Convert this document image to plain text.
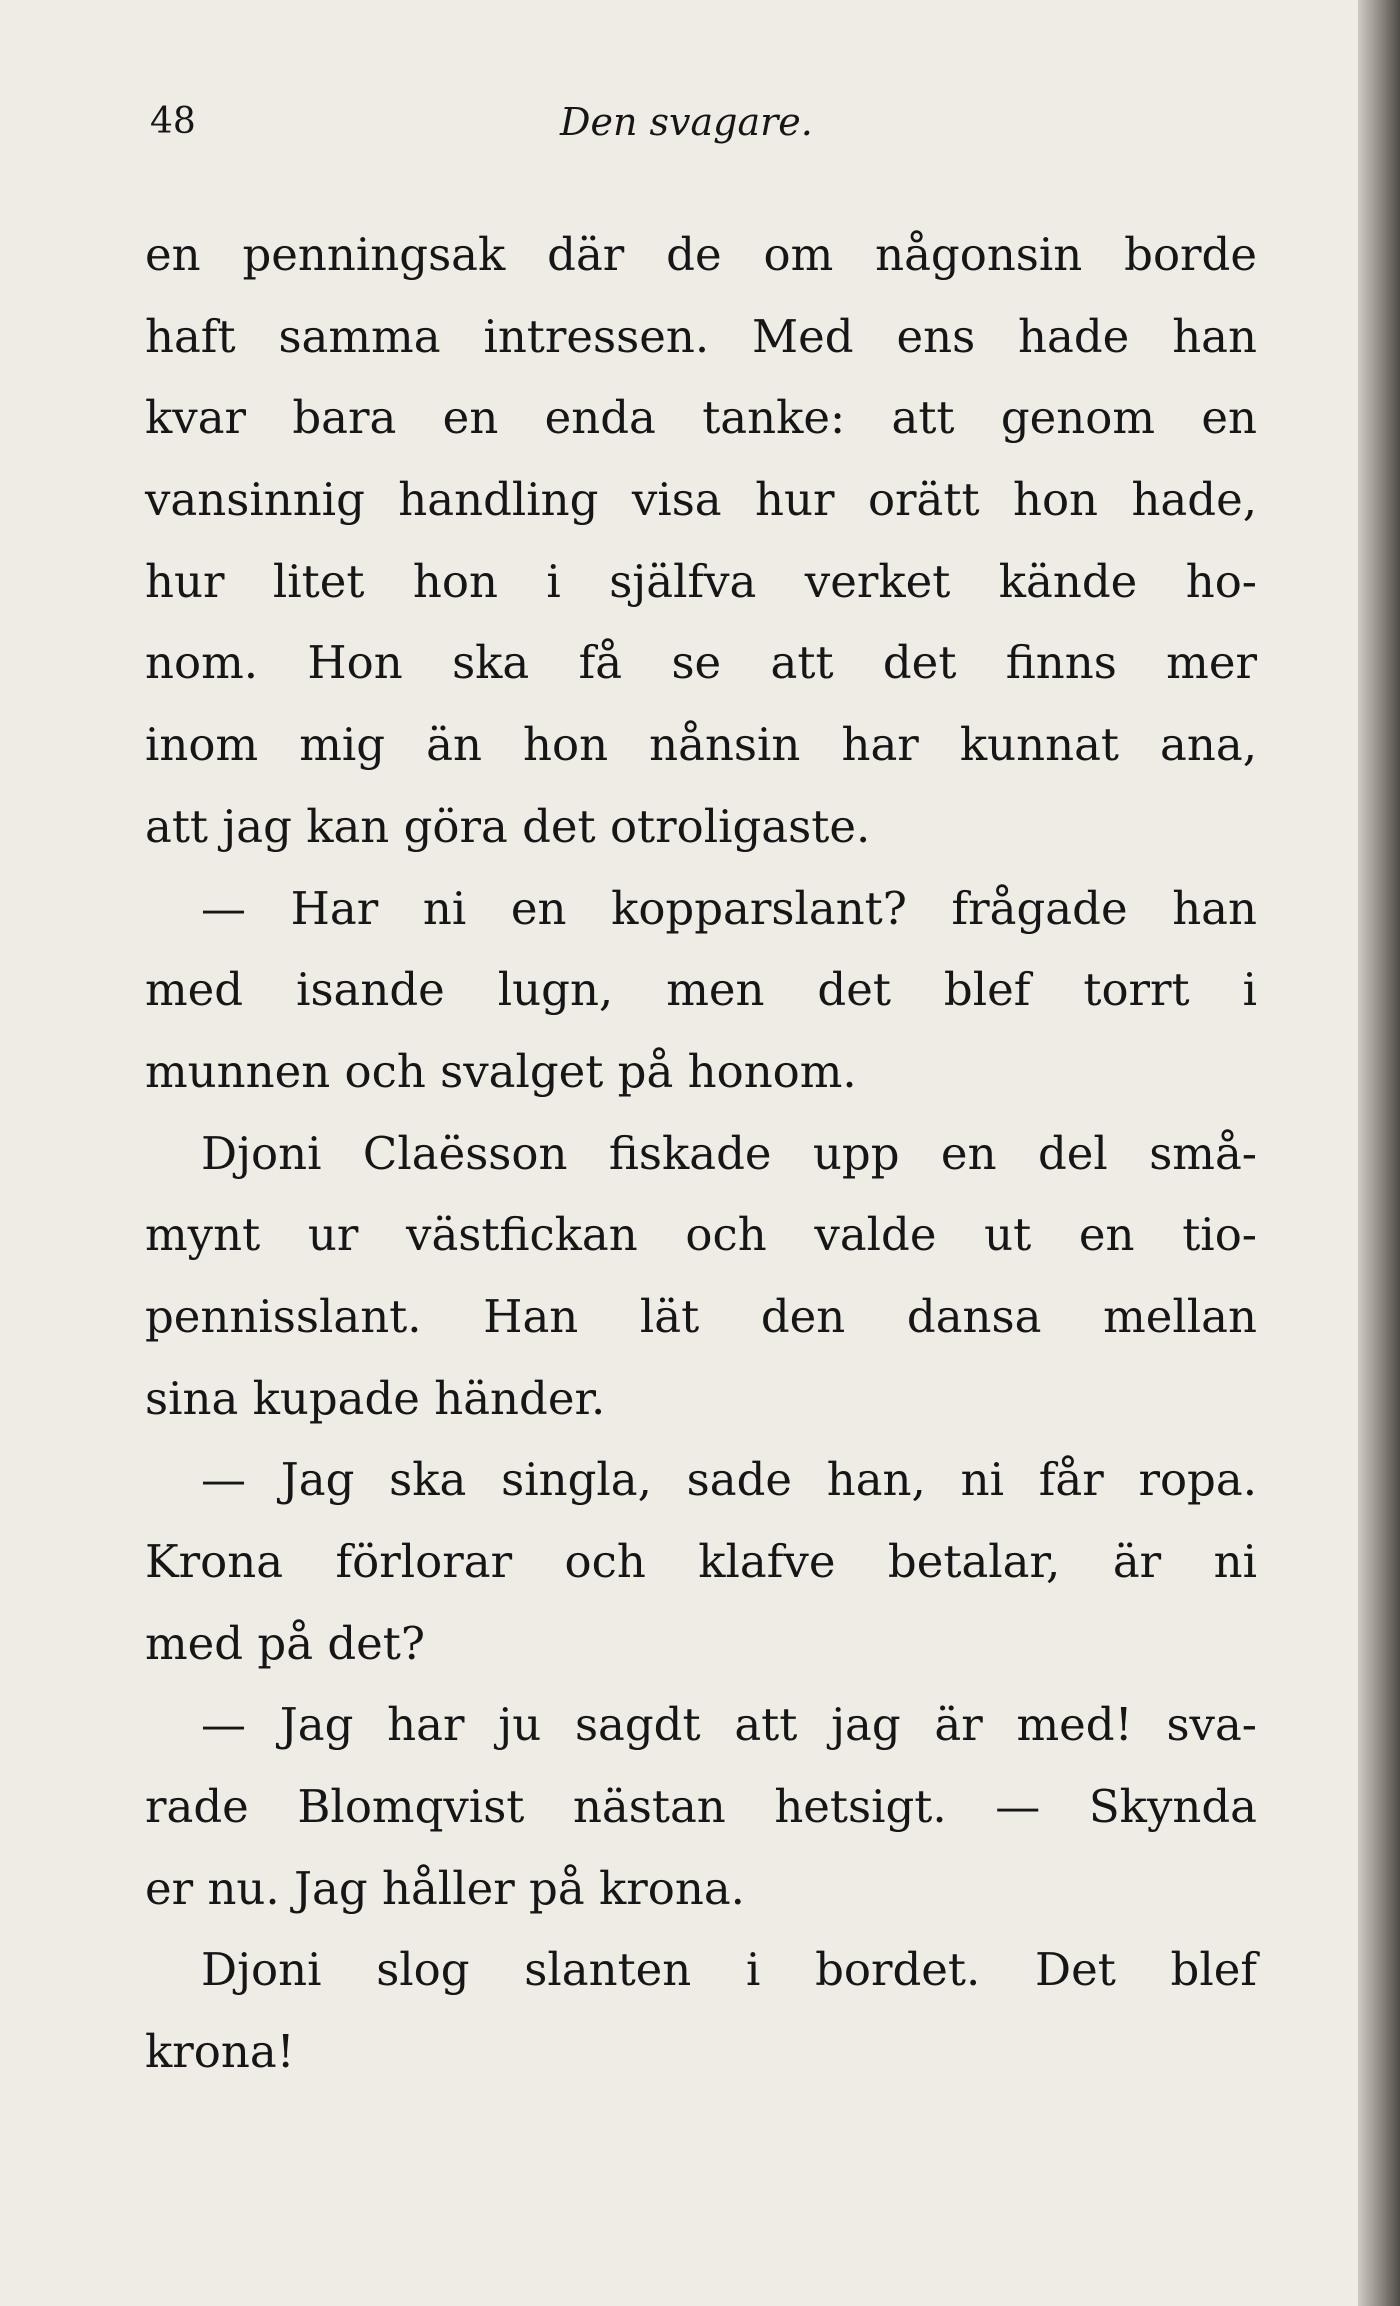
48	Den svagare.
en penningsak där de om någonsin borde
haft samma intressen. Med ens hade han
kvar bara en enda tanke: att genom en
vansinnig handling visa hur orätt hon hade,
hur litet hon i själfva verket kände ho-
nom. Hon ska få se att det finns mer
inom mig än hon nånsin har kunnat ana,
att jag kan göra det otroligaste.
— Har ni en kopparslant? frågade han
med isande lugn, men det blef torrt i
munnen och svalget på honom.
Djoni Claësson fiskade upp en del små-
mynt ur västfickan och valde ut en tio-
pennisslant. Han lät den dansa mellan
sina kupade händer.
— Jag ska singla, sade han, ni får ropa.
Krona förlorar och klafve betalar, är ni
med på det?
— Jag har ju sagdt att jag är med! sva-
rade Blomqvist nästan hetsigt. — Skynda
er nu. Jag håller på krona.
Djoni slog slanten i bordet. Det blef
krona!
